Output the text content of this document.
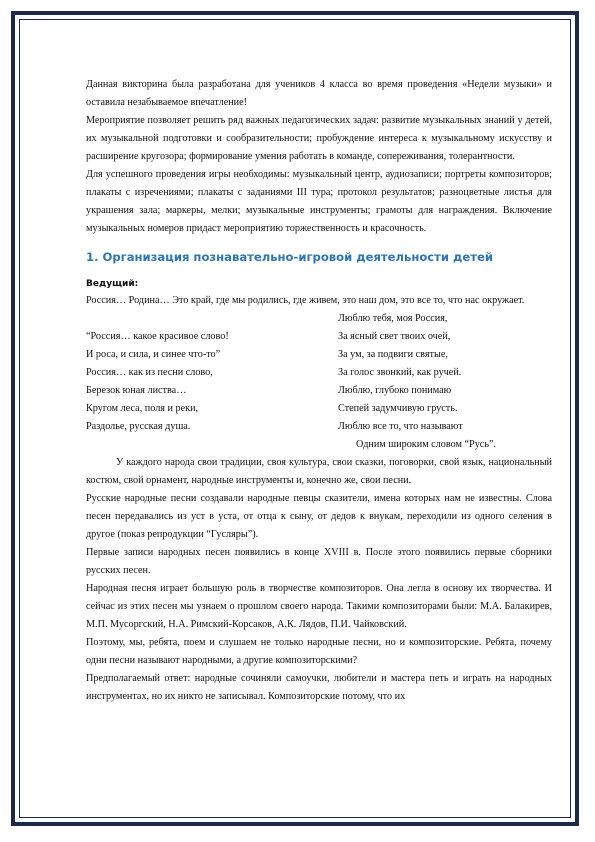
Данная викторина была разработана для учеников 4 класса во время проведения «Недели музыки» и оставила незабываемое впечатление!

Мероприятие позволяет решить ряд важных педагогических задач: развитие музыкальных знаний у детей, их музыкальной подготовки и сообразительности; пробуждение интереса к музыкальному искусству и расширение кругозора; формирование умения работать в команде, сопереживания, толерантности.

Для успешного проведения игры необходимы: музыкальный центр, аудиозаписи; портреты композиторов; плакаты с изречениями; плакаты с заданиями III тура; протокол результатов; разноцветные листья для украшения зала; маркеры, мелки; музыкальные инструменты; грамоты для награждения. Включение музыкальных номеров придаст мероприятию торжественность и красочность.

1. Организация познавательно-игровой деятельности детей
Ведущий:

Россия… Родина… Это край, где мы родились, где живем, это наш дом, это все то, что нас окружает.

“Россия… какое красивое слово!
И роса, и сила, и синее что-то”
Россия… как из песни слово,
Березок юная листва…
Кругом леса, поля и реки,
Раздолье, русская душа.
Люблю тебя, моя Россия,
За ясный свет твоих очей,
За ум, за подвиги святые,
За голос звонкий, как ручей.
Люблю, глубоко понимаю
Степей задумчивую грусть.
Люблю все то, что называют
Одним широким словом “Русь”.

У каждого народа свои традиции, своя культура, свои сказки, поговорки, свой язык, национальный костюм, свой орнамент, народные инструменты и, конечно же, свои песни.

Русские народные песни создавали народные певцы сказители, имена которых нам не известны. Слова песен передавались из уст в уста, от отца к сыну, от дедов к внукам, переходили из одного селения в другое (показ репродукции “Гусляры”).

Первые записи народных песен появились в конце XVIII в. После этого появились первые сборники русских песен.

Народная песня играет большую роль в творчестве композиторов. Она легла в основу их творчества. И сейчас из этих песен мы узнаем о прошлом своего народа. Такими композиторами были: М.А. Балакирев, М.П. Мусоргский, Н.А. Римский-Корсаков, А.К. Лядов, П.И. Чайковский.

Поэтому, мы, ребята, поем и слушаем не только народные песни, но и композиторские. Ребята, почему одни песни называют народными, а другие композиторскими?

Предполагаемый ответ: народные сочиняли самоучки, любители и мастера петь и играть на народных инструментах, но их никто не записывал. Композиторские потому, что их
